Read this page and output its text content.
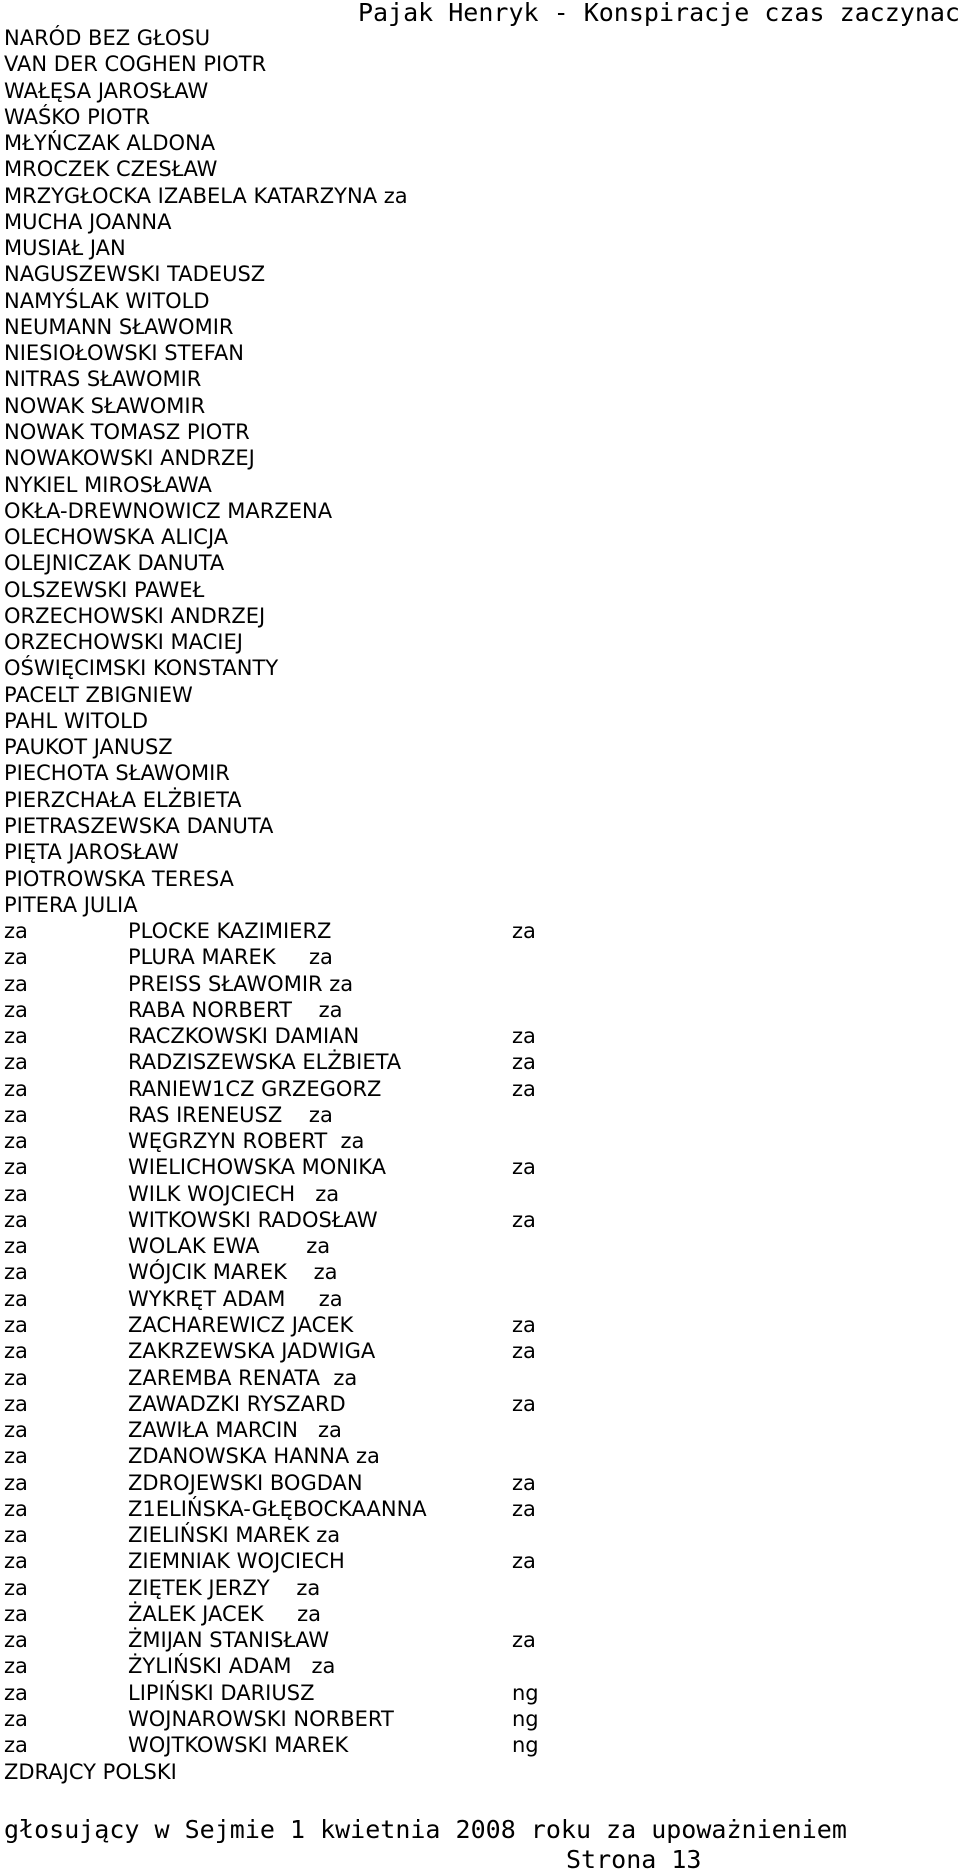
Pajak Henryk - Konspiracje czas zaczynac
NARÓD BEZ GŁOSU
VAN DER COGHEN PIOTR
WAŁĘSA JAROSŁAW
WAŚKO PIOTR
MŁYŃCZAK ALDONA
MROCZEK CZESŁAW
MRZYGŁOCKA IZABELA KATARZYNA za
MUCHA JOANNA
MUSIAŁ JAN
NAGUSZEWSKI TADEUSZ
NAMYŚLAK WITOLD
NEUMANN SŁAWOMIR
NIESIOŁOWSKI STEFAN
NITRAS SŁAWOMIR
NOWAK SŁAWOMIR
NOWAK TOMASZ PIOTR
NOWAKOWSKI ANDRZEJ
NYKIEL MIROSŁAWA
OKŁA-DREWNOWICZ MARZENA
OLECHOWSKA ALICJA
OLEJNICZAK DANUTA
OLSZEWSKI PAWEŁ
ORZECHOWSKI ANDRZEJ
ORZECHOWSKI MACIEJ
OŚWIĘCIMSKI KONSTANTY
PACELT ZBIGNIEW
PAHL WITOLD
PAUKOT JANUSZ
PIECHOTA SŁAWOMIR
PIERZCHAŁA ELŻBIETA
PIETRASZEWSKA DANUTA
PIĘTA JAROSŁAW
PIOTROWSKA TERESA
PITERA JULIA
za	PLOCKE KAZIMIERZ	za
za	PLURA MAREK     za
za	PREISS SŁAWOMIR za
za	RABA NORBERT    za
za	RACZKOWSKI DAMIAN	za
za	RADZISZEWSKA ELŻBIETA	za
za	RANIEW1CZ GRZEGORZ	za
za	RAS IRENEUSZ    za
za	WĘGRZYN ROBERT  za
za	WIELICHOWSKA MONIKA	za
za	WILK WOJCIECH   za
za	WITKOWSKI RADOSŁAW	za
za	WOLAK EWA       za
za	WÓJCIK MAREK    za
za	WYKRĘT ADAM     za
za	ZACHAREWICZ JACEK	za
za	ZAKRZEWSKA JADWIGA	za
za	ZAREMBA RENATA  za
za	ZAWADZKI RYSZARD	za
za	ZAWIŁA MARCIN   za
za	ZDANOWSKA HANNA za
za	ZDROJEWSKI BOGDAN	za
za	Z1ELIŃSKA-GŁĘBOCKAANNA	za
za	ZIELIŃSKI MAREK za
za	ZIEMNIAK WOJCIECH	za
za	ZIĘTEK JERZY    za
za	ŻALEK JACEK     za
za	ŻMIJAN STANISŁAW	za
za	ŻYLIŃSKI ADAM   za
za	LIPIŃSKI DARIUSZ	ng
za	WOJNAROWSKI NORBERT	ng
za	WOJTKOWSKI MAREK	ng
ZDRAJCY POLSKI
głosujący w Sejmie 1 kwietnia 2008 roku za upoważnieniem
Strona 13
